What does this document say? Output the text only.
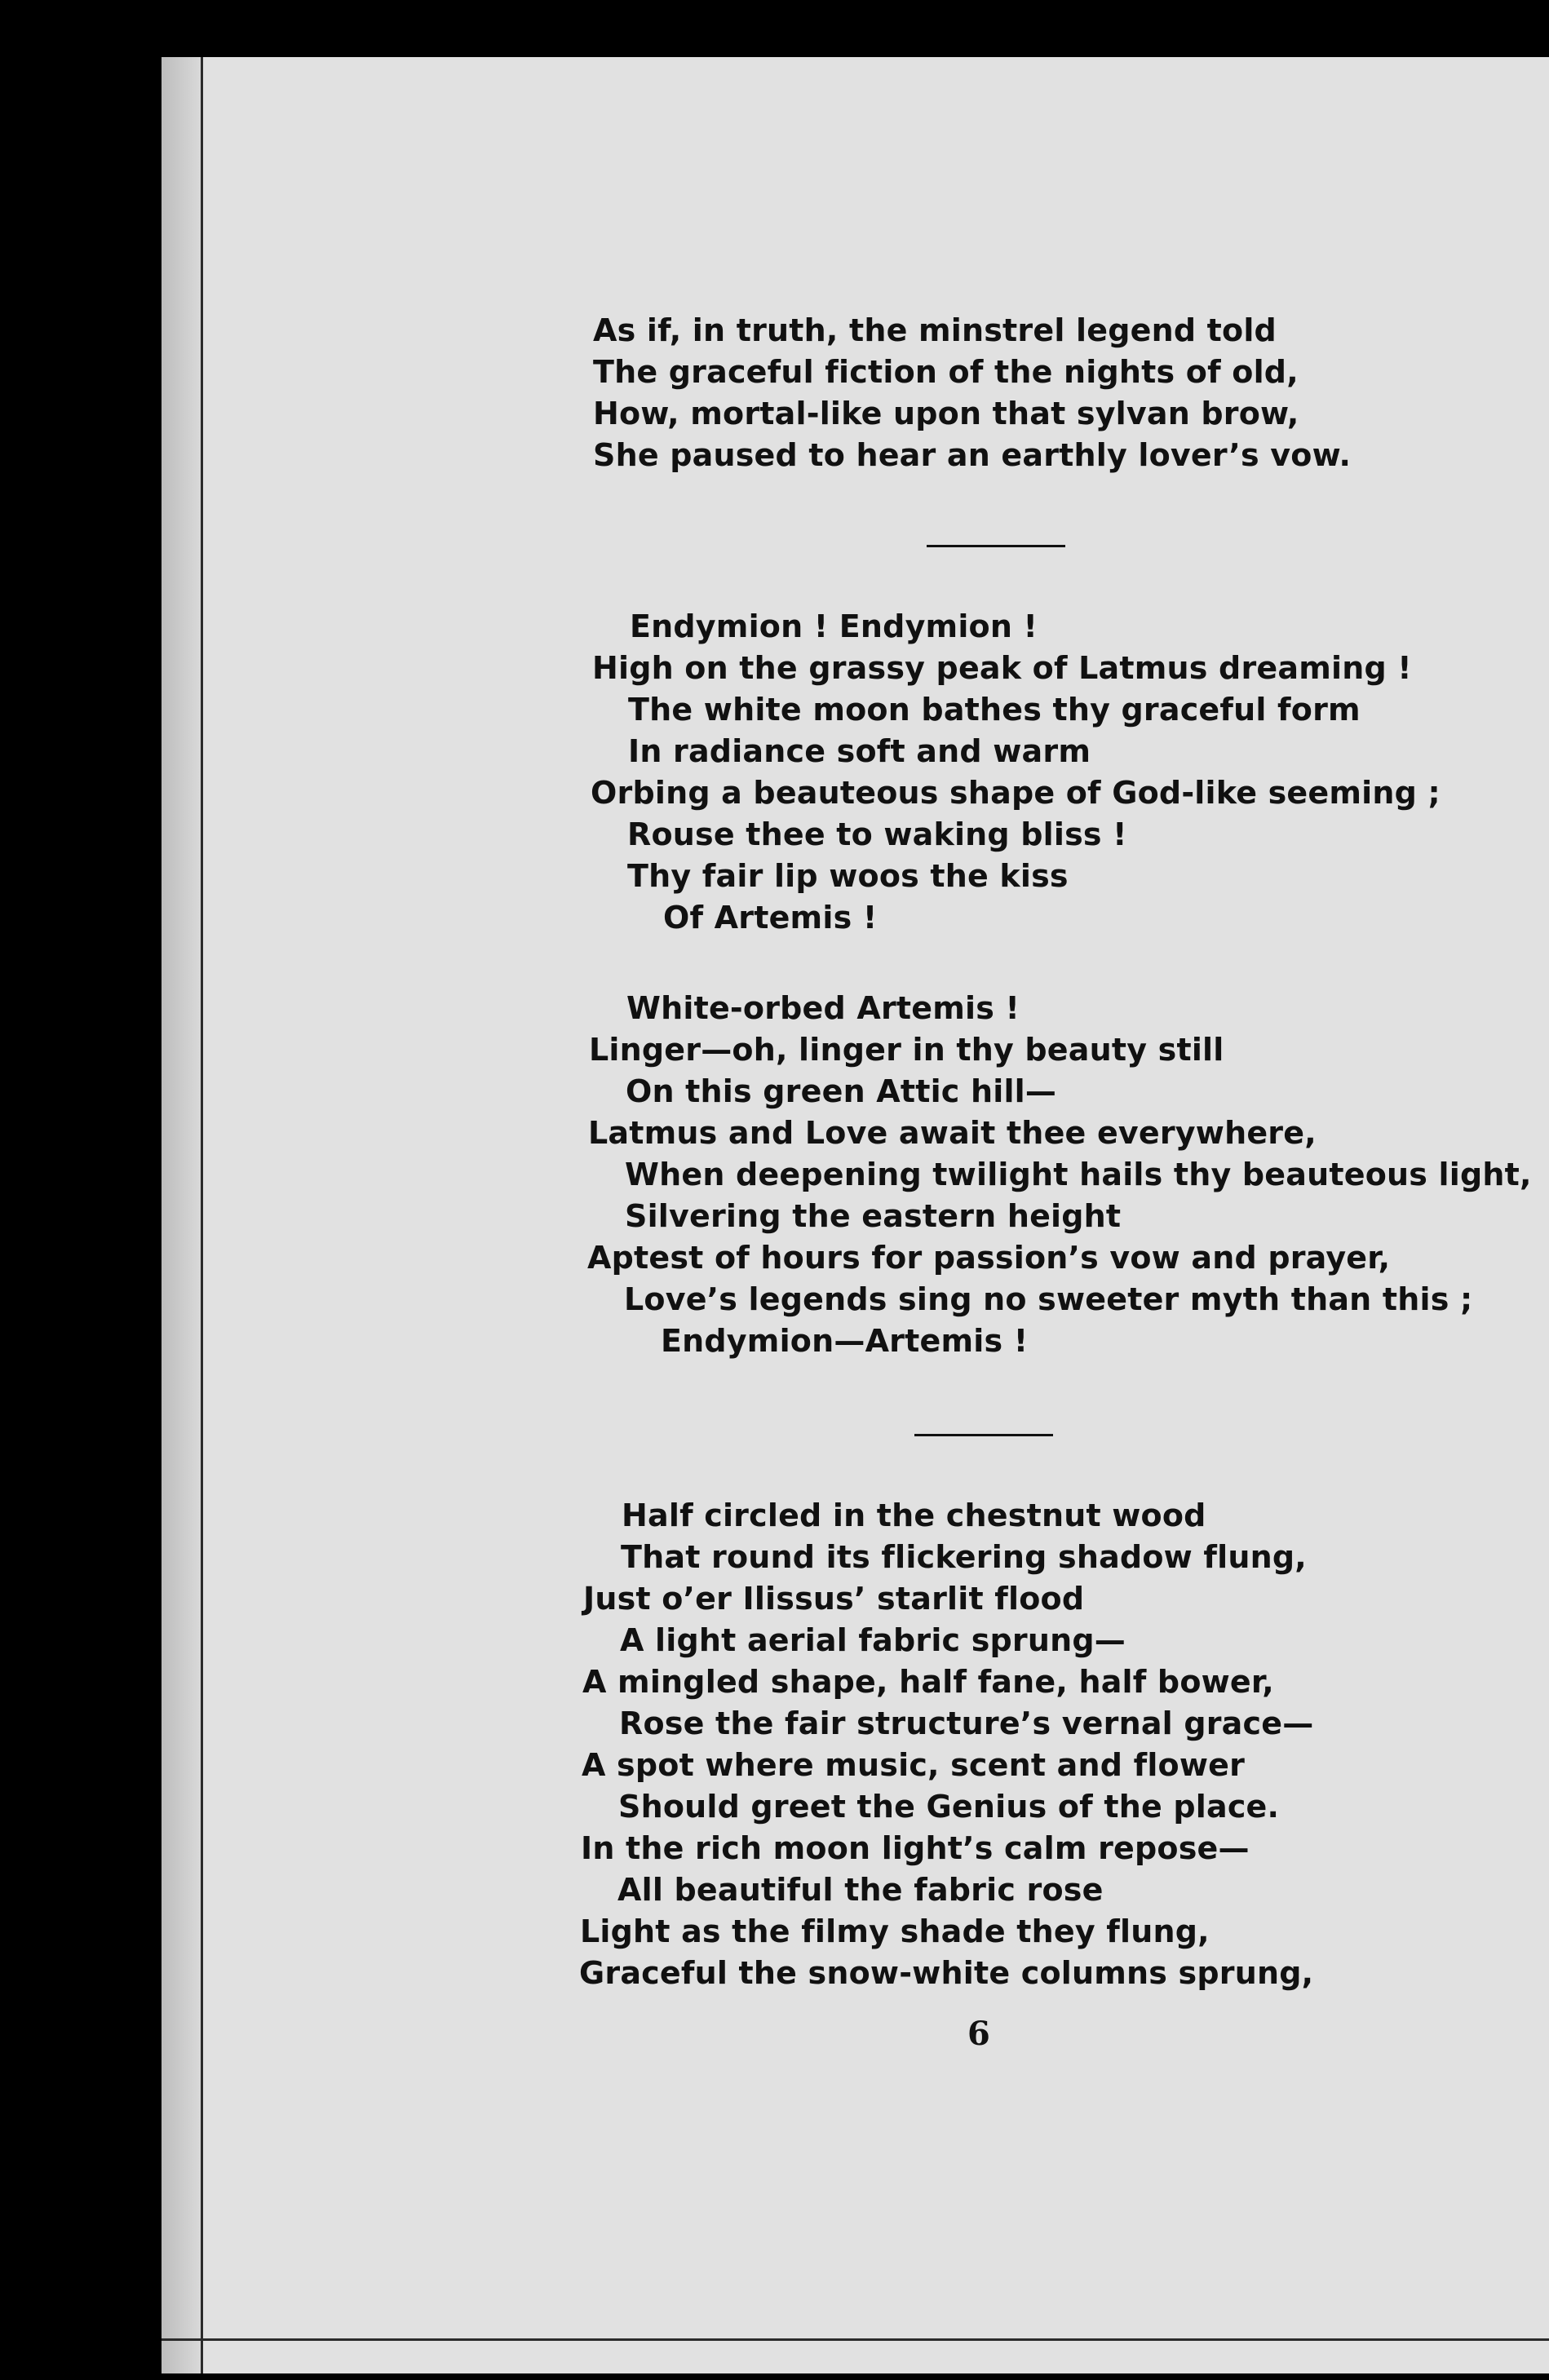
As if, in truth, the minstrel legend told
The graceful fiction of the nights of old,
How, mortal-like upon that sylvan brow,
She paused to hear an earthly lover’s vow.
Endymion ! Endymion !
High on the grassy peak of Latmus dreaming !
The white moon bathes thy graceful form
In radiance soft and warm
Orbing a beauteous shape of God-like seeming ;
Rouse thee to waking bliss !
Thy fair lip woos the kiss
Of Artemis !
White-orbed Artemis !
Linger—oh, linger in thy beauty still
On this green Attic hill—
Latmus and Love await thee everywhere,
When deepening twilight hails thy beauteous light,
Silvering the eastern height
Aptest of hours for passion’s vow and prayer,
Love’s legends sing no sweeter myth than this ;
Endymion—Artemis !
Half circled in the chestnut wood
That round its flickering shadow flung,
Just o’er Ilissus’ starlit flood
A light aerial fabric sprung—
A mingled shape, half fane, half bower,
Rose the fair structure’s vernal grace—
A spot where music, scent and flower
Should greet the Genius of the place.
In the rich moon light’s calm repose—
All beautiful the fabric rose
Light as the filmy shade they flung,
Graceful the snow-white columns sprung,
6
